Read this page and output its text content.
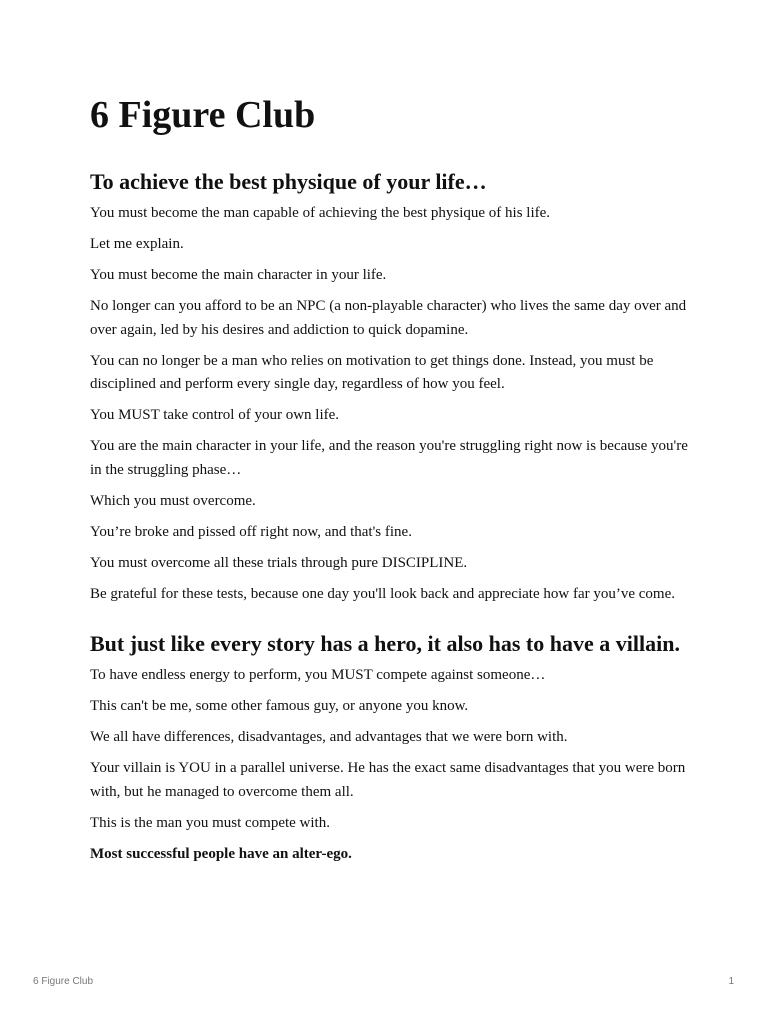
6 Figure Club
To achieve the best physique of your life…

You must become the man capable of achieving the best physique of his life.

Let me explain.

You must become the main character in your life.

No longer can you afford to be an NPC (a non-playable character) who lives the same day over and over again, led by his desires and addiction to quick dopamine.

You can no longer be a man who relies on motivation to get things done. Instead, you must be disciplined and perform every single day, regardless of how you feel.

You MUST take control of your own life.

You are the main character in your life, and the reason you're struggling right now is because you're in the struggling phase…

Which you must overcome.

You’re broke and pissed off right now, and that's fine.

You must overcome all these trials through pure DISCIPLINE.

Be grateful for these tests, because one day you'll look back and appreciate how far you’ve come.

But just like every story has a hero, it also has to have a villain.

To have endless energy to perform, you MUST compete against someone…

This can't be me, some other famous guy, or anyone you know.

We all have differences, disadvantages, and advantages that we were born with.

Your villain is YOU in a parallel universe. He has the exact same disadvantages that you were born with, but he managed to overcome them all.

This is the man you must compete with.

Most successful people have an alter-ego.

6 Figure Club	1
